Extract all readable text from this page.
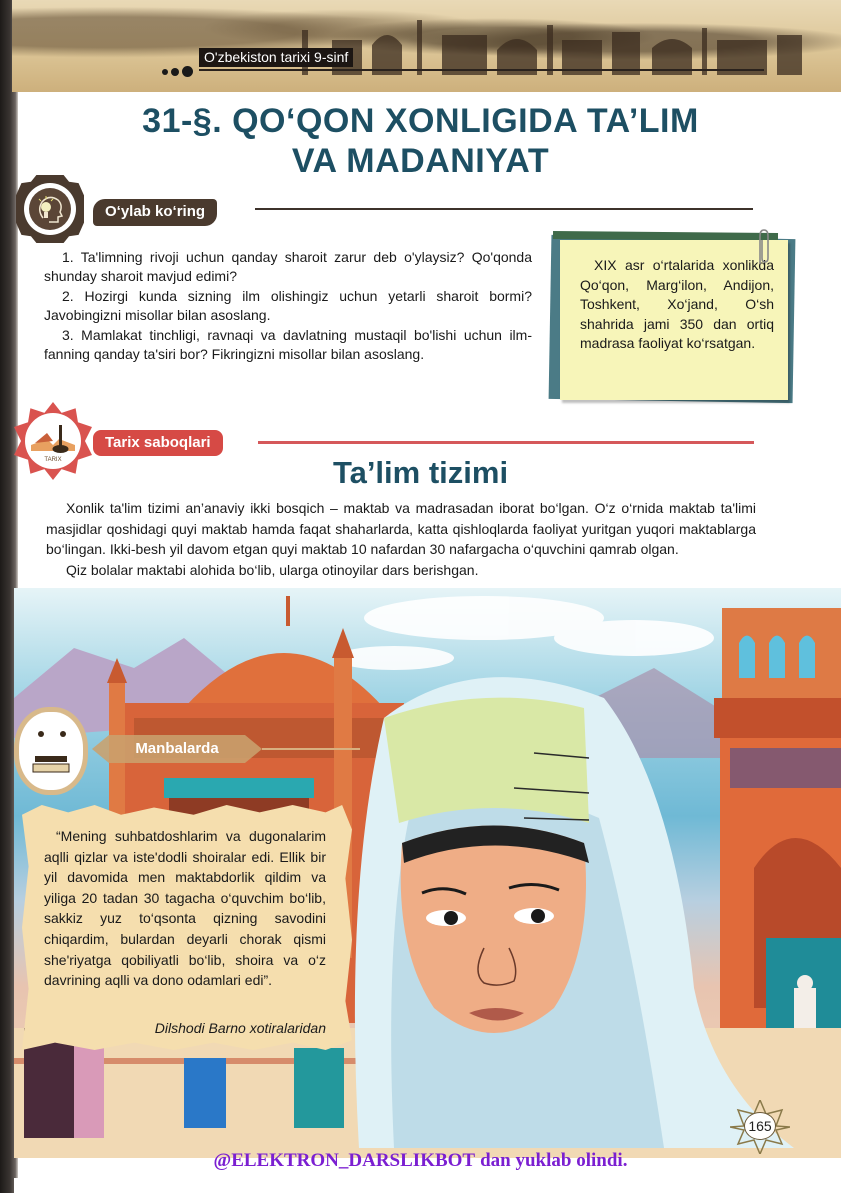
O'zbekiston tarixi 9-sinf
31-§. QO‘QON XONLIGIDA TA’LIM
VA MADANIYAT
O‘ylab ko‘ring

1. Ta'limning rivoji uchun qanday sharoit zarur deb o'ylaysiz? Qo'qonda shunday sharoit mavjud edimi?

2. Hozirgi kunda sizning ilm olishingiz uchun yetarli sharoit bormi? Javobingizni misollar bilan asoslang.

3. Mamlakat tinchligi, ravnaqi va davlatning mustaqil bo'lishi uchun ilm-fanning qanday ta'siri bor? Fikringizni misollar bilan asoslang.

XIX asr o‘rtalarida xonlikda Qo‘qon, Marg‘ilon, Andijon, Toshkent, Xo‘jand, O‘sh shahrida jami 350 dan ortiq madrasa faoliyat ko‘rsatgan.

TARIX
Tarix saboqlari
Ta’lim tizimi

Xonlik ta'lim tizimi an’anaviy ikki bosqich – maktab va madrasadan iborat bo‘lgan. O‘z o‘rnida maktab ta'limi masjidlar qoshidagi quyi maktab hamda faqat shaharlarda, katta qishloqlarda faoliyat yuritgan yuqori maktablarga bo‘lingan. Ikki-besh yil davom etgan quyi maktab 10 nafardan 30 nafargacha o‘quvchini qamrab olgan.

Qiz bolalar maktabi alohida bo‘lib, ularga otinoyilar dars berishgan.

Manbalarda

“Mening suhbatdoshlarim va dugonalarim aqlli qizlar va iste'dodli shoiralar edi. Ellik bir yil davomida men maktabdorlik qildim va yiliga 20 tadan 30 tagacha o‘quvchim bo‘lib, sakkiz yuz to‘qsonta qizning savodini chiqardim, bulardan deyarli chorak qismi she'riyatga qobiliyatli bo‘lib, shoira va o‘z davrining aqlli va dono odamlari edi”.

Dilshodi Barno xotiralaridan
165
@ELEKTRON_DARSLIKBOT dan yuklab olindi.
